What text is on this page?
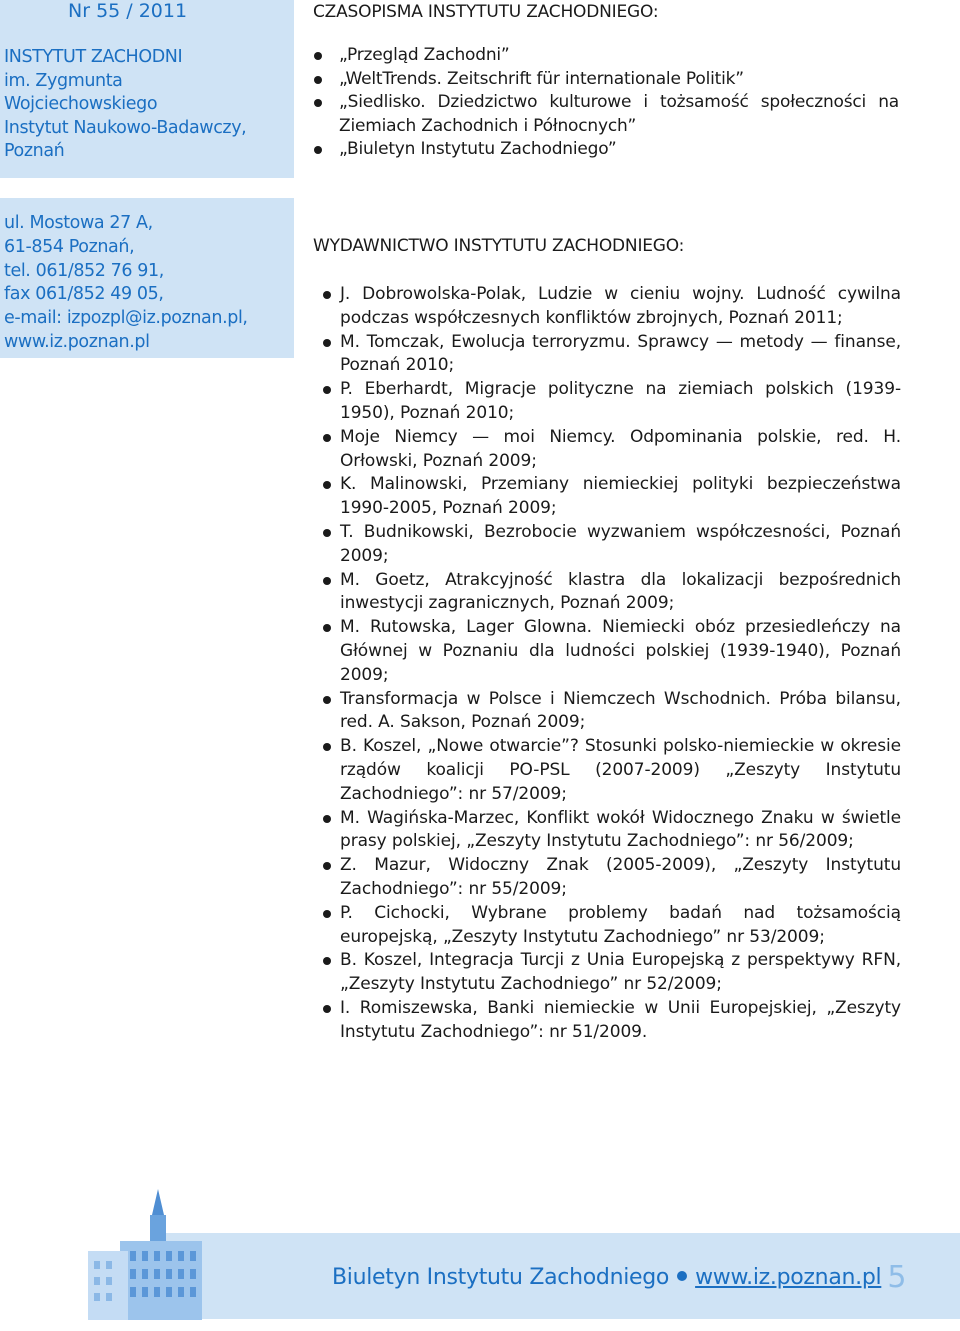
Nr 55 / 2011
INSTYTUT ZACHODNI
im. Zygmunta
Wojciechowskiego
Instytut Naukowo-Badawczy,
Poznań
ul. Mostowa 27 A,
61-854 Poznań,
tel. 061/852 76 91,
fax 061/852 49 05,
e-mail: izpozpl@iz.poznan.pl,
www.iz.poznan.pl
CZASOPISMA INSTYTUTU ZACHODNIEGO:
„Przegląd Zachodni”
„WeltTrends. Zeitschrift für internationale Politik”
„Siedlisko. Dziedzictwo kulturowe i tożsamość społeczności na Ziemiach Zachodnich i Północnych”
„Biuletyn Instytutu Zachodniego”
WYDAWNICTWO INSTYTUTU ZACHODNIEGO:
J. Dobrowolska-Polak, Ludzie w cieniu wojny. Ludność cywilna podczas współczesnych konfliktów zbrojnych, Poznań 2011;
M. Tomczak, Ewolucja terroryzmu. Sprawcy — metody — finanse, Poznań 2010;
P. Eberhardt, Migracje polityczne na ziemiach polskich (1939-1950), Poznań 2010;
Moje Niemcy — moi Niemcy. Odpominania polskie, red. H. Orłowski, Poznań 2009;
K. Malinowski, Przemiany niemieckiej polityki bezpieczeństwa 1990-2005, Poznań 2009;
T. Budnikowski, Bezrobocie wyzwaniem współczesności, Poznań 2009;
M. Goetz, Atrakcyjność klastra dla lokalizacji bezpośrednich inwestycji zagranicznych, Poznań 2009;
M. Rutowska, Lager Glowna. Niemiecki obóz przesiedleńczy na Głównej w Poznaniu dla ludności polskiej (1939-1940), Poznań 2009;
Transformacja w Polsce i Niemczech Wschodnich. Próba bilansu, red. A. Sakson, Poznań 2009;
B. Koszel, „Nowe otwarcie”? Stosunki polsko-niemieckie w okresie rządów koalicji PO-PSL (2007-2009) „Zeszyty Instytutu Zachodniego”: nr 57/2009;
M. Wagińska-Marzec, Konflikt wokół Widocznego Znaku w świetle prasy polskiej, „Zeszyty Instytutu Zachodniego”: nr 56/2009;
Z. Mazur, Widoczny Znak (2005-2009), „Zeszyty Instytutu Zachodniego”: nr 55/2009;
P. Cichocki, Wybrane problemy badań nad tożsamością europejską, „Zeszyty Instytutu Zachodniego” nr 53/2009;
B. Koszel, Integracja Turcji z Unia Europejską z perspektywy RFN, „Zeszyty Instytutu Zachodniego” nr 52/2009;
I. Romiszewska, Banki niemieckie w Unii Europejskiej, „Zeszyty Instytutu Zachodniego”: nr 51/2009.
Biuletyn Instytutu Zachodniego www.iz.poznan.pl 5
